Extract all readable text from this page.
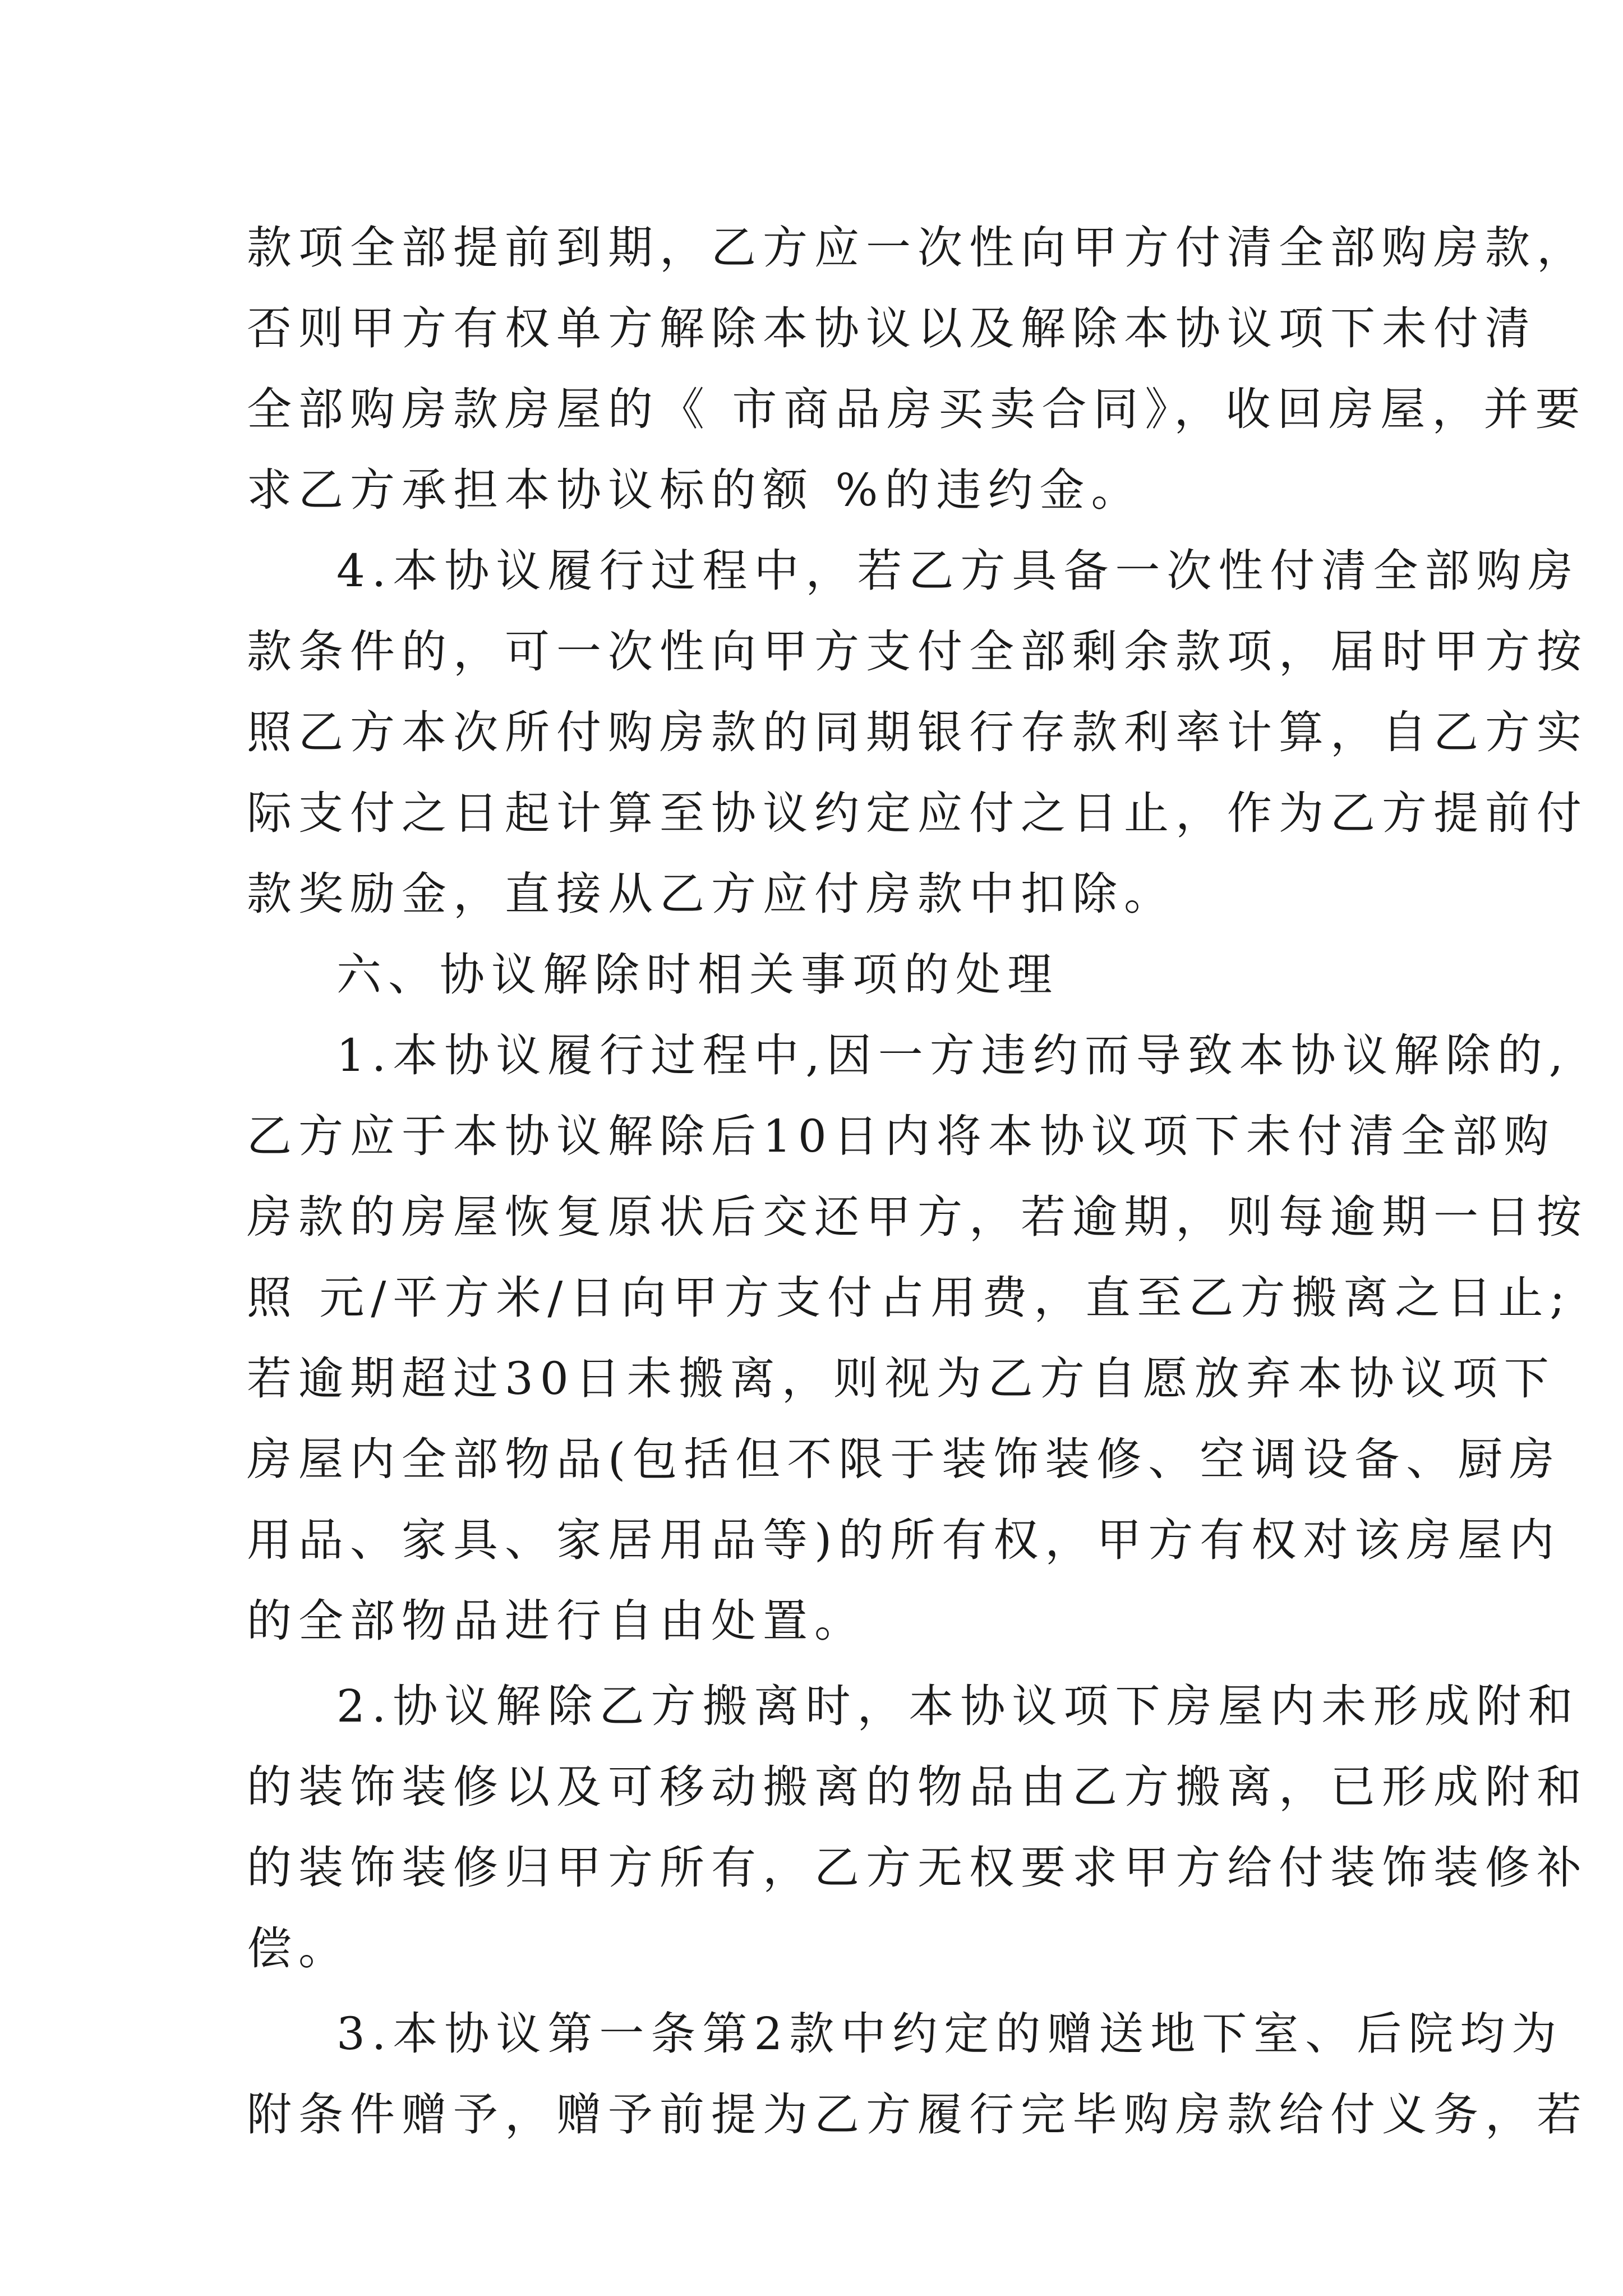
款项全部提前到期，乙方应一次性向甲方付清全部购房款，
否则甲方有权单方解除本协议以及解除本协议项下未付清
全部购房款房屋的《 市商品房买卖合同》，收回房屋，并要
求乙方承担本协议标的额 %的违约金。
4.本协议履行过程中，若乙方具备一次性付清全部购房
款条件的，可一次性向甲方支付全部剩余款项，届时甲方按
照乙方本次所付购房款的同期银行存款利率计算，自乙方实
际支付之日起计算至协议约定应付之日止，作为乙方提前付
款奖励金，直接从乙方应付房款中扣除。
六、协议解除时相关事项的处理
1.本协议履行过程中,因一方违约而导致本协议解除的,
乙方应于本协议解除后10日内将本协议项下未付清全部购
房款的房屋恢复原状后交还甲方，若逾期，则每逾期一日按
照 元/平方米/日向甲方支付占用费，直至乙方搬离之日止;
若逾期超过30日未搬离，则视为乙方自愿放弃本协议项下
房屋内全部物品(包括但不限于装饰装修、空调设备、厨房
用品、家具、家居用品等)的所有权，甲方有权对该房屋内
的全部物品进行自由处置。
2.协议解除乙方搬离时，本协议项下房屋内未形成附和
的装饰装修以及可移动搬离的物品由乙方搬离，已形成附和
的装饰装修归甲方所有，乙方无权要求甲方给付装饰装修补
偿。
3.本协议第一条第2款中约定的赠送地下室、后院均为
附条件赠予，赠予前提为乙方履行完毕购房款给付义务，若
